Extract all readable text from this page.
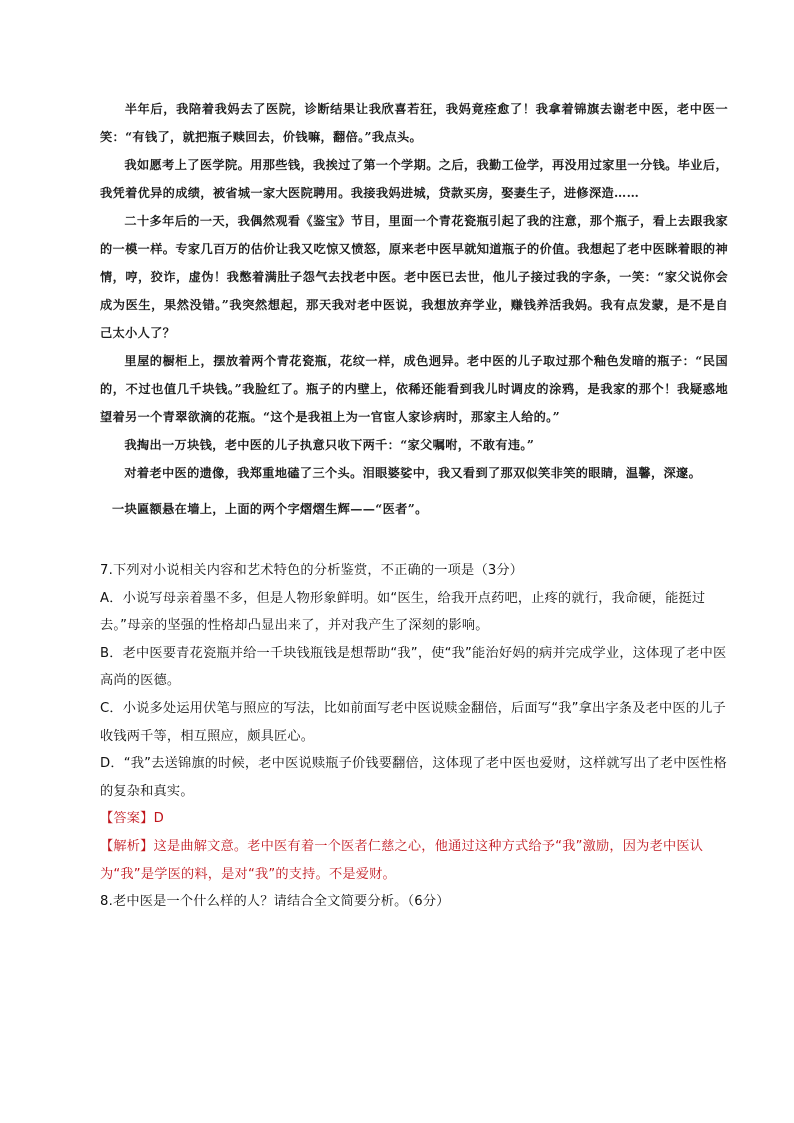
半年后，我陪着我妈去了医院，诊断结果让我欣喜若狂，我妈竟痊愈了！我拿着锦旗去谢老中医，老中医一笑：“有钱了，就把瓶子赎回去，价钱嘛，翻倍。”我点头。

我如愿考上了医学院。用那些钱，我挨过了第一个学期。之后，我勤工俭学，再没用过家里一分钱。毕业后，我凭着优异的成绩，被省城一家大医院聘用。我接我妈进城，贷款买房，娶妻生子，进修深造……

二十多年后的一天，我偶然观看《鉴宝》节目，里面一个青花瓷瓶引起了我的注意，那个瓶子，看上去跟我家的一模一样。专家几百万的估价让我又吃惊又愤怒，原来老中医早就知道瓶子的价值。我想起了老中医眯着眼的神情，哼，狡诈，虚伪！我憋着满肚子怨气去找老中医。老中医已去世，他儿子接过我的字条，一笑：“家父说你会成为医生，果然没错。”我突然想起，那天我对老中医说，我想放弃学业，赚钱养活我妈。我有点发蒙，是不是自己太小人了？

里屋的橱柜上，摆放着两个青花瓷瓶，花纹一样，成色迥异。老中医的儿子取过那个釉色发暗的瓶子：“民国的，不过也值几千块钱。”我脸红了。瓶子的内壁上，依稀还能看到我儿时调皮的涂鸦，是我家的那个！我疑惑地望着另一个青翠欲滴的花瓶。“这个是我祖上为一官宦人家诊病时，那家主人给的。”

我掏出一万块钱，老中医的儿子执意只收下两千：“家父嘱咐，不敢有违。”

对着老中医的遗像，我郑重地磕了三个头。泪眼婆娑中，我又看到了那双似笑非笑的眼睛，温馨，深邃。

一块匾额悬在墙上，上面的两个字熠熠生辉——“医者”。

7.下列对小说相关内容和艺术特色的分析鉴赏，不正确的一项是（3分）

A．小说写母亲着墨不多，但是人物形象鲜明。如“医生，给我开点药吧，止疼的就行，我命硬，能挺过去。”母亲的坚强的性格却凸显出来了，并对我产生了深刻的影响。

B．老中医要青花瓷瓶并给一千块钱瓶钱是想帮助“我”，使“我”能治好妈的病并完成学业，这体现了老中医高尚的医德。

C．小说多处运用伏笔与照应的写法，比如前面写老中医说赎金翻倍，后面写“我”拿出字条及老中医的儿子收钱两千等，相互照应，颇具匠心。

D．“我”去送锦旗的时候，老中医说赎瓶子价钱要翻倍，这体现了老中医也爱财，这样就写出了老中医性格的复杂和真实。

【答案】D

【解析】这是曲解文意。老中医有着一个医者仁慈之心，他通过这种方式给予“我”激励，因为老中医认为“我”是学医的料，是对“我”的支持。不是爱财。

8.老中医是一个什么样的人？请结合全文简要分析。（6分）
